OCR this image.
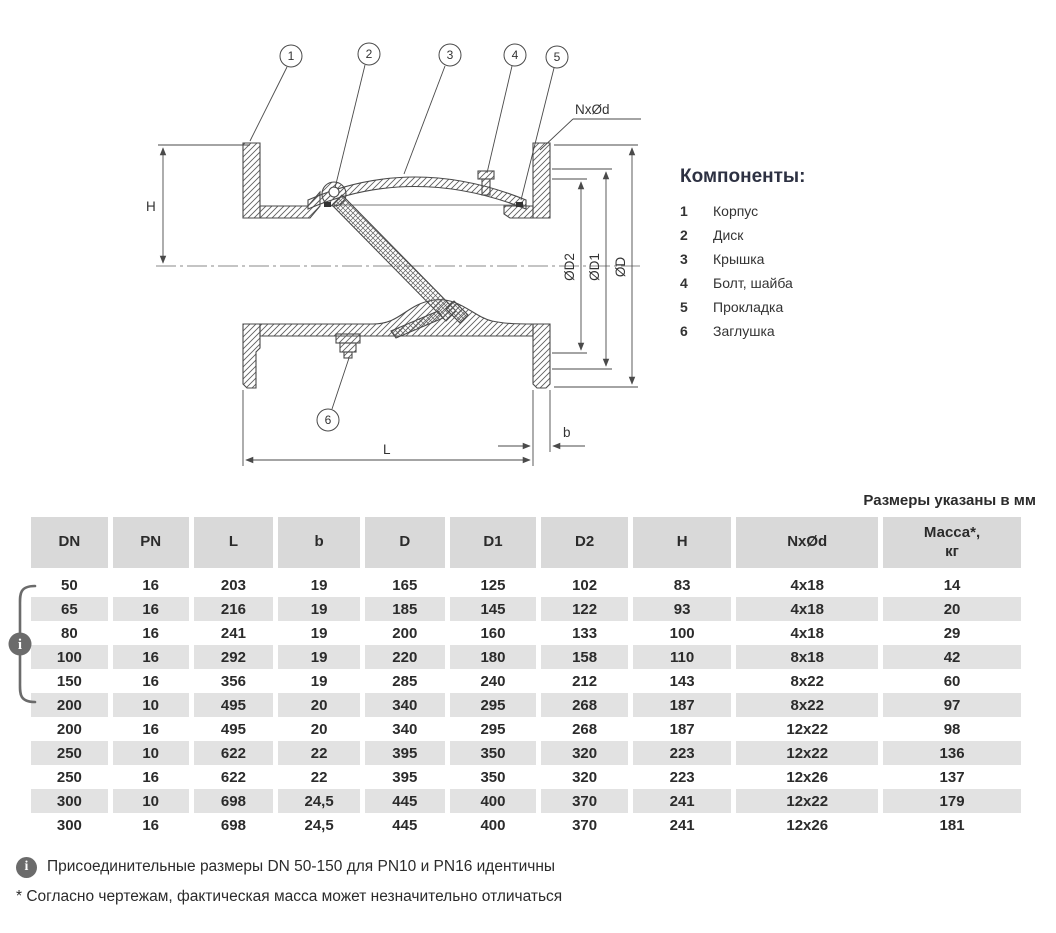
1	2	3	4	5
6
H
NxØd
ØD2 ØD1 ØD
L
b
Компоненты:
1	Корпус
2	Диск
3	Крышка
4	Болт, шайба
5	Прокладка
6	Заглушка
Размеры указаны в мм
DN	PN	L	b	D	D1	D2	H	NxØd	Масса*,
кг
50	16	203	19	165	125	102	83	4x18	14
65	16	216	19	185	145	122	93	4x18	20
80	16	241	19	200	160	133	100	4x18	29
100	16	292	19	220	180	158	110	8x18	42
150	16	356	19	285	240	212	143	8x22	60
200	10	495	20	340	295	268	187	8x22	97
200	16	495	20	340	295	268	187	12x22	98
250	10	622	22	395	350	320	223	12x22	136
250	16	622	22	395	350	320	223	12x26	137
300	10	698	24,5	445	400	370	241	12x22	179
300	16	698	24,5	445	400	370	241	12x26	181
i
i	Присоединительные размеры DN 50-150 для PN10 и PN16 идентичны
* Согласно чертежам, фактическая масса может незначительно отличаться
